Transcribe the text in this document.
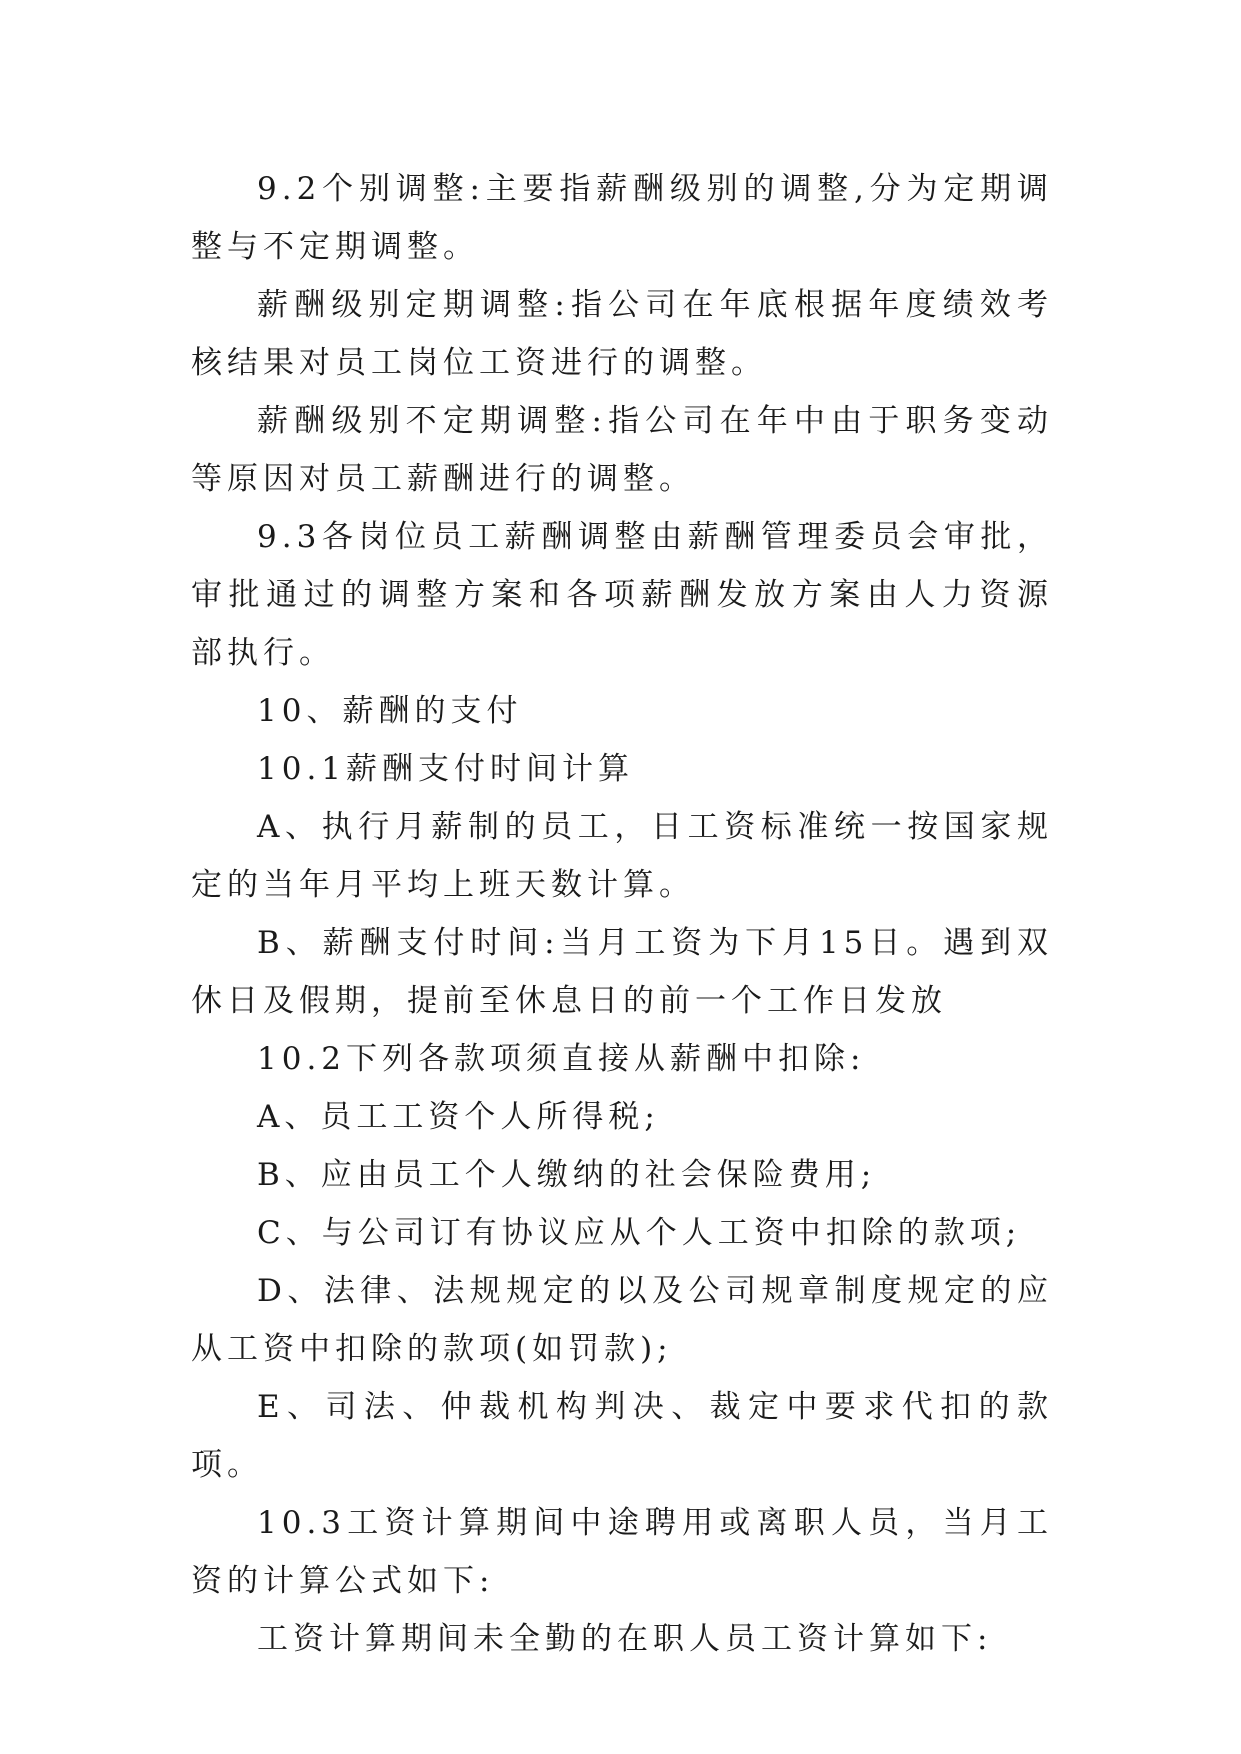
9.2个别调整:主要指薪酬级别的调整,分为定期调整与不定期调整。

薪酬级别定期调整:指公司在年底根据年度绩效考核结果对员工岗位工资进行的调整。

薪酬级别不定期调整:指公司在年中由于职务变动等原因对员工薪酬进行的调整。

9.3各岗位员工薪酬调整由薪酬管理委员会审批，审批通过的调整方案和各项薪酬发放方案由人力资源部执行。

10、薪酬的支付

10.1薪酬支付时间计算

A、执行月薪制的员工，日工资标准统一按国家规定的当年月平均上班天数计算。

B、薪酬支付时间:当月工资为下月15日。遇到双休日及假期，提前至休息日的前一个工作日发放

10.2下列各款项须直接从薪酬中扣除:

A、员工工资个人所得税;

B、应由员工个人缴纳的社会保险费用;

C、与公司订有协议应从个人工资中扣除的款项;

D、法律、法规规定的以及公司规章制度规定的应从工资中扣除的款项(如罚款);

E、司法、仲裁机构判决、裁定中要求代扣的款项。

10.3工资计算期间中途聘用或离职人员，当月工资的计算公式如下:

工资计算期间未全勤的在职人员工资计算如下:
